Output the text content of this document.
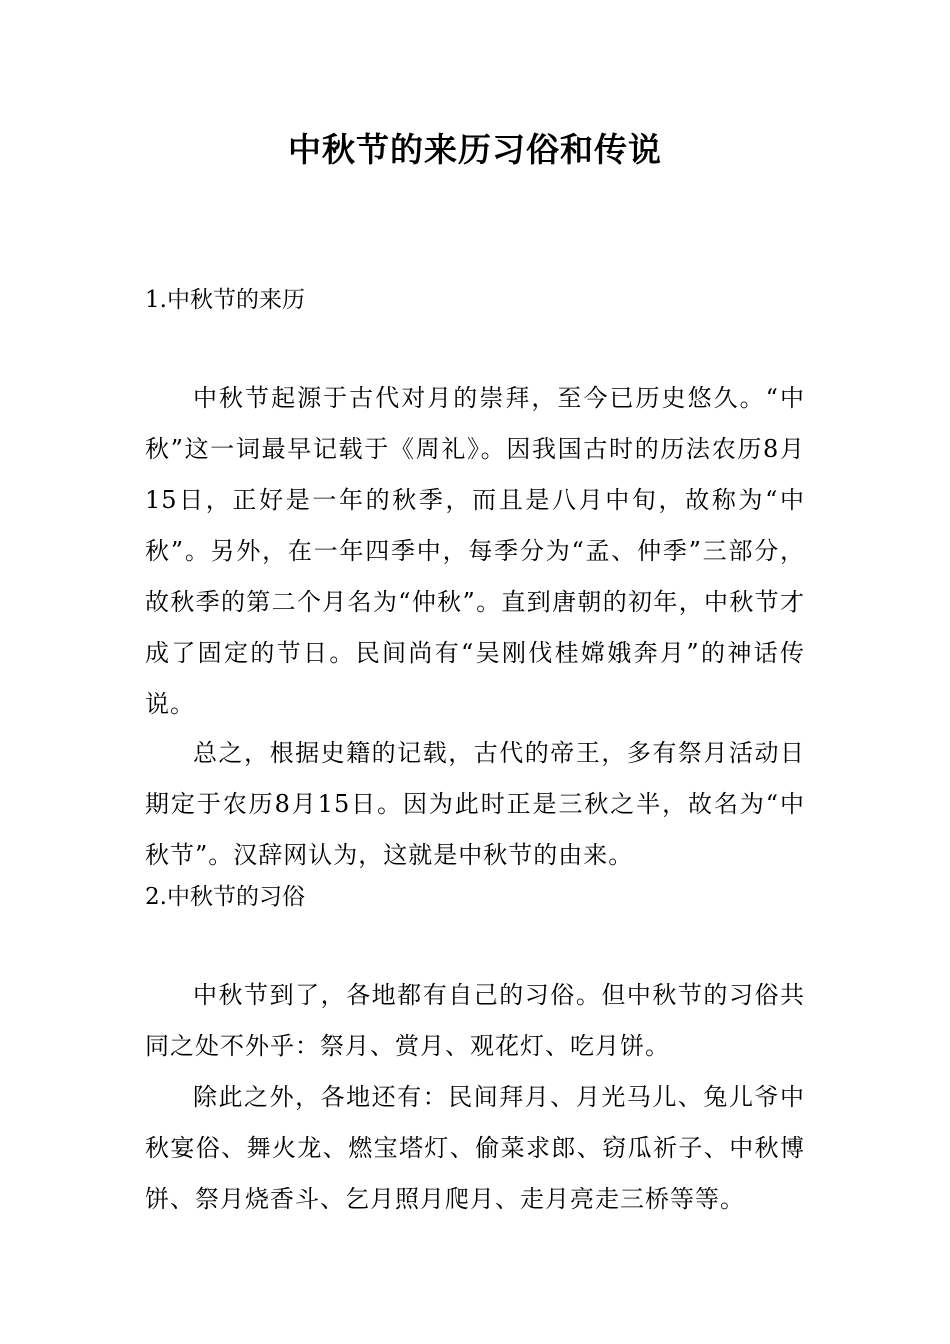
中秋节的来历习俗和传说
1.中秋节的来历

中秋节起源于古代对月的崇拜，至今已历史悠久。“中秋”这一词最早记载于《周礼》。因我国古时的历法农历8月15日，正好是一年的秋季，而且是八月中旬，故称为“中秋”。另外，在一年四季中，每季分为“孟、仲季”三部分，故秋季的第二个月名为“仲秋”。直到唐朝的初年，中秋节才成了固定的节日。民间尚有“吴刚伐桂嫦娥奔月”的神话传说。

总之，根据史籍的记载，古代的帝王，多有祭月活动日期定于农历8月15日。因为此时正是三秋之半，故名为“中秋节”。汉辞网认为，这就是中秋节的由来。

2.中秋节的习俗

中秋节到了，各地都有自己的习俗。但中秋节的习俗共同之处不外乎：祭月、赏月、观花灯、吃月饼。

除此之外，各地还有：民间拜月、月光马儿、兔儿爷中秋宴俗、舞火龙、燃宝塔灯、偷菜求郎、窃瓜祈子、中秋博饼、祭月烧香斗、乞月照月爬月、走月亮走三桥等等。
